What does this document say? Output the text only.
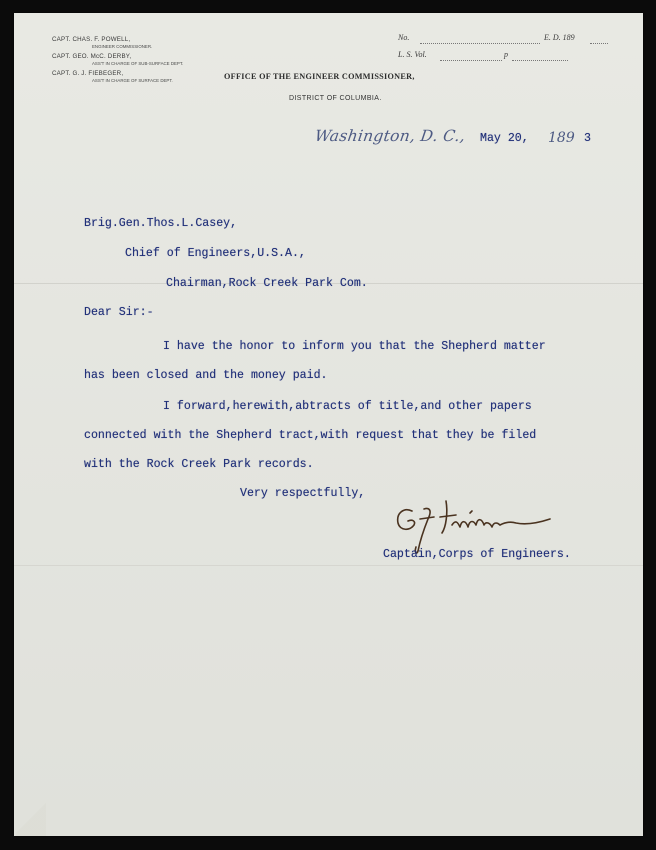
CAPT. CHAS. F. POWELL,
ENGINEER COMMISSIONER.
CAPT. GEO. McC. DERBY,
ASS'T IN CHARGE OF SUB-SURFACE DEPT.
CAPT. G. J. FIEBEGER,
ASS'T IN CHARGE OF SURFACE DEPT.
No.	E. D. 189
L. S. Vol.	p
OFFICE OF THE ENGINEER COMMISSIONER,
DISTRICT OF COLUMBIA.
Washington, D. C., May 20, 189 3
Brig.Gen.Thos.L.Casey,
Chief of Engineers,U.S.A.,
Chairman,Rock Creek Park Com.
Dear Sir:-
I have the honor to inform you that the Shepherd matter
has been closed and the money paid.
I forward,herewith,abtracts of title,and other papers
connected with the Shepherd tract,with request that they be filed
with the Rock Creek Park records.
Very respectfully,
Captain,Corps of Engineers.
